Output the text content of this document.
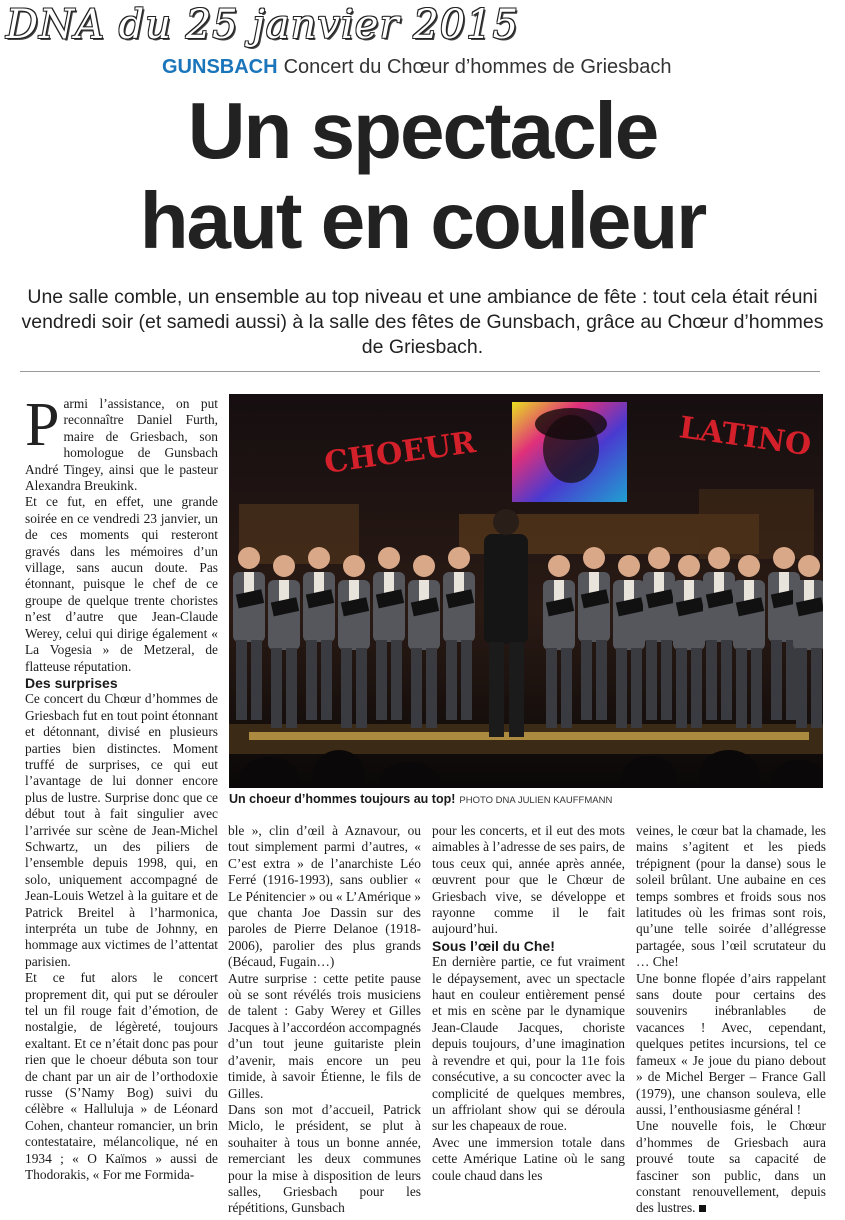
DNA du 25 janvier 2015
GUNSBACH Concert du Chœur d’hommes de Griesbach
Un spectacle
haut en couleur
Une salle comble, un ensemble au top niveau et une ambiance de fête : tout cela était réuni vendredi soir (et samedi aussi) à la salle des fêtes de Gunsbach, grâce au Chœur d’hommes de Griesbach.

Parmi l’assistance, on put reconnaître Daniel Furth, maire de Griesbach, son homologue de Gunsbach André Tingey, ainsi que le pasteur Alexandra Breukink.

Et ce fut, en effet, une grande soirée en ce vendredi 23 janvier, un de ces moments qui resteront gravés dans les mémoires d’un village, sans aucun doute. Pas étonnant, puisque le chef de ce groupe de quelque trente choristes n’est d’autre que Jean-Claude Werey, celui qui dirige également « La Vogesia » de Metzeral, de flatteuse réputation.

Des surprises

Ce concert du Chœur d’hommes de Griesbach fut en tout point étonnant et détonnant, divisé en plusieurs parties bien distinctes. Moment truffé de surprises, ce qui eut l’avantage de lui donner encore plus de lustre. Surprise donc que ce début tout à fait singulier avec l’arrivée sur scène de Jean-Michel Schwartz, un des piliers de l’ensemble depuis 1998, qui, en solo, uniquement accompagné de Jean-Louis Wetzel à la guitare et de Patrick Breitel à l’harmonica, interpréta un tube de Johnny, en hommage aux victimes de l’attentat parisien.

Et ce fut alors le concert proprement dit, qui put se dérouler tel un fil rouge fait d’émotion, de nostalgie, de légèreté, toujours exaltant. Et ce n’était donc pas pour rien que le choeur débuta son tour de chant par un air de l’orthodoxie russe (S’Namy Bog) suivi du célèbre « Halluluja » de Léonard Cohen, chanteur romancier, un brin contestataire, mélancolique, né en 1934 ; « O Kaïmos » aussi de Thodorakis, « For me Formida-

CHOEUR	LATINO
Un choeur d’hommes toujours au top! PHOTO DNA JULIEN KAUFFMANN

ble », clin d’œil à Aznavour, ou tout simplement parmi d’autres, « C’est extra » de l’anarchiste Léo Ferré (1916-1993), sans oublier « Le Pénitencier » ou « L’Amérique » que chanta Joe Dassin sur des paroles de Pierre Delanoe (1918-2006), parolier des plus grands (Bécaud, Fugain…)

Autre surprise : cette petite pause où se sont révélés trois musiciens de talent : Gaby Werey et Gilles Jacques à l’accordéon accompagnés d’un tout jeune guitariste plein d’avenir, mais encore un peu timide, à savoir Étienne, le fils de Gilles.

Dans son mot d’accueil, Patrick Miclo, le président, se plut à souhaiter à tous un bonne année, remerciant les deux communes pour la mise à disposition de leurs salles, Griesbach pour les répétitions, Gunsbach

pour les concerts, et il eut des mots aimables à l’adresse de ses pairs, de tous ceux qui, année après année, œuvrent pour que le Chœur de Griesbach vive, se développe et rayonne comme il le fait aujourd’hui.

Sous l’œil du Che!

En dernière partie, ce fut vraiment le dépaysement, avec un spectacle haut en couleur entièrement pensé et mis en scène par le dynamique Jean-Claude Jacques, choriste depuis toujours, d’une imagination à revendre et qui, pour la 11e fois consécutive, a su concocter avec la complicité de quelques membres, un affriolant show qui se déroula sur les chapeaux de roue.

Avec une immersion totale dans cette Amérique Latine où le sang coule chaud dans les

veines, le cœur bat la chamade, les mains s’agitent et les pieds trépignent (pour la danse) sous le soleil brûlant. Une aubaine en ces temps sombres et froids sous nos latitudes où les frimas sont rois, qu’une telle soirée d’allégresse partagée, sous l’œil scrutateur du … Che!

Une bonne flopée d’airs rappelant sans doute pour certains des souvenirs inébranlables de vacances ! Avec, cependant, quelques petites incursions, tel ce fameux « Je joue du piano debout » de Michel Berger – France Gall (1979), une chanson souleva, elle aussi, l’enthousiasme général !

Une nouvelle fois, le Chœur d’hommes de Griesbach aura prouvé toute sa capacité de fasciner son public, dans un constant renouvellement, depuis des lustres.
